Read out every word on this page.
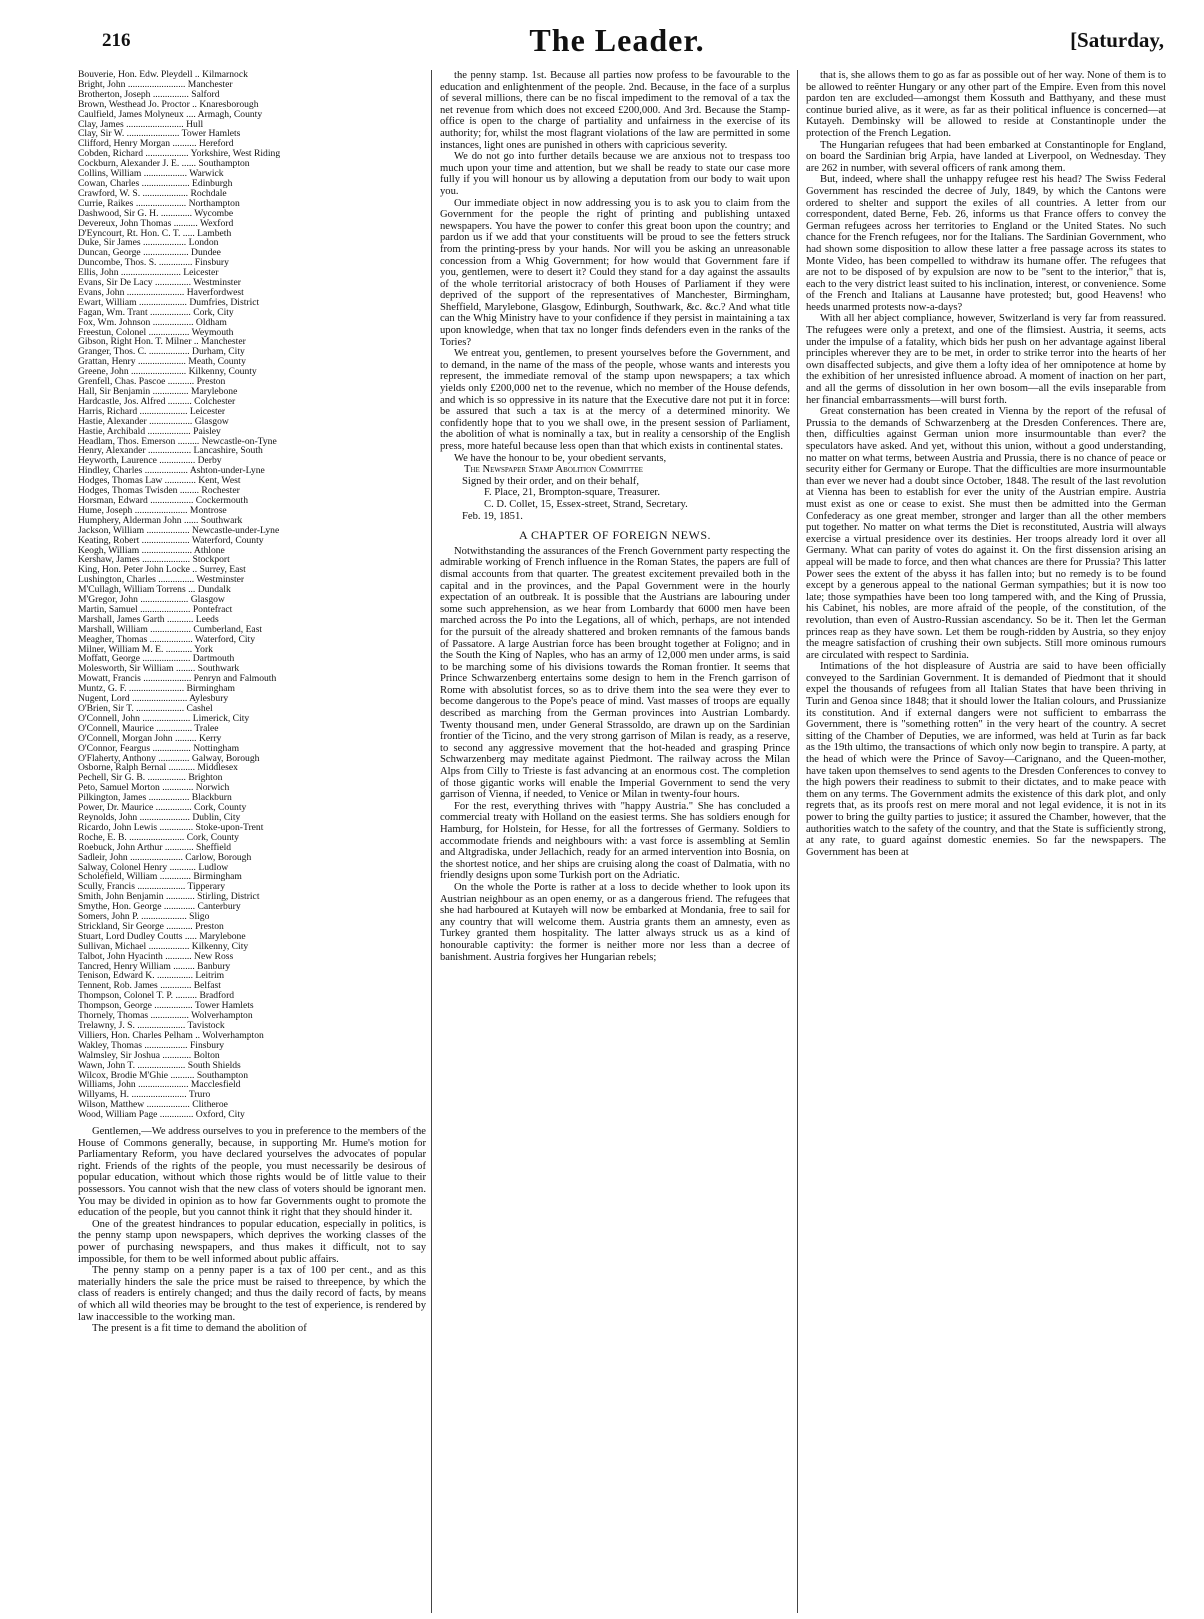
216	The Leader.	[Saturday,
Bouverie, Hon. Edw. Pleydell .. Kilmarnock
Bright, John ........................ Manchester
Brotherton, Joseph ............... Salford
Brown, Westhead Jo. Proctor .. Knaresborough
Caulfield, James Molyneux .... Armagh, County
Clay, James ........................ Hull
Clay, Sir W. ...................... Tower Hamlets
Clifford, Henry Morgan .......... Hereford
Cobden, Richard .................. Yorkshire, West Riding
Cockburn, Alexander J. E. ...... Southampton
Collins, William .................. Warwick
Cowan, Charles .................... Edinburgh
Crawford, W. S. ................... Rochdale
Currie, Raikes ..................... Northampton
Dashwood, Sir G. H. ............. Wycombe
Devereux, John Thomas .......... Wexford
D'Eyncourt, Rt. Hon. C. T. ..... Lambeth
Duke, Sir James .................. London
Duncan, George ................... Dundee
Duncombe, Thos. S. .............. Finsbury
Ellis, John ......................... Leicester
Evans, Sir De Lacy ............... Westminster
Evans, John ........................ Haverfordwest
Ewart, William .................... Dumfries, District
Fagan, Wm. Trant ................. Cork, City
Fox, Wm. Johnson ................. Oldham
Freestun, Colonel ................. Weymouth
Gibson, Right Hon. T. Milner .. Manchester
Granger, Thos. C. ................. Durham, City
Grattan, Henry .................... Meath, County
Greene, John ....................... Kilkenny, County
Grenfell, Chas. Pascoe ........... Preston
Hall, Sir Benjamin ............... Marylebone
Hardcastle, Jos. Alfred .......... Colchester
Harris, Richard .................... Leicester
Hastie, Alexander .................. Glasgow
Hastie, Archibald .................. Paisley
Headlam, Thos. Emerson ......... Newcastle-on-Tyne
Henry, Alexander .................. Lancashire, South
Heyworth, Laurence ............... Derby
Hindley, Charles .................. Ashton-under-Lyne
Hodges, Thomas Law ............. Kent, West
Hodges, Thomas Twisden ........ Rochester
Horsman, Edward .................. Cockermouth
Hume, Joseph ...................... Montrose
Humphery, Alderman John ...... Southwark
Jackson, William .................. Newcastle-under-Lyne
Keating, Robert .................... Waterford, County
Keogh, William ..................... Athlone
Kershaw, James .................... Stockport
King, Hon. Peter John Locke .. Surrey, East
Lushington, Charles ............... Westminster
M'Cullagh, William Torrens ... Dundalk
M'Gregor, John .................... Glasgow
Martin, Samuel ..................... Pontefract
Marshall, James Garth ........... Leeds
Marshall, William ................. Cumberland, East
Meagher, Thomas .................. Waterford, City
Milner, William M. E. ........... York
Moffatt, George .................... Dartmouth
Molesworth, Sir William ........ Southwark
Mowatt, Francis .................... Penryn and Falmouth
Muntz, G. F. ....................... Birmingham
Nugent, Lord ....................... Aylesbury
O'Brien, Sir T. .................... Cashel
O'Connell, John .................... Limerick, City
O'Connell, Maurice ............... Tralee
O'Connell, Morgan John ......... Kerry
O'Connor, Feargus ................ Nottingham
O'Flaherty, Anthony ............. Galway, Borough
Osborne, Ralph Bernal ........... Middlesex
Pechell, Sir G. B. ................ Brighton
Peto, Samuel Morton ............. Norwich
Pilkington, James ................. Blackburn
Power, Dr. Maurice ............... Cork, County
Reynolds, John ..................... Dublin, City
Ricardo, John Lewis .............. Stoke-upon-Trent
Roche, E. B. ....................... Cork, County
Roebuck, John Arthur ............ Sheffield
Sadleir, John ...................... Carlow, Borough
Salway, Colonel Henry ........... Ludlow
Scholefield, William ............. Birmingham
Scully, Francis .................... Tipperary
Smith, John Benjamin ............ Stirling, District
Smythe, Hon. George ............. Canterbury
Somers, John P. ................... Sligo
Strickland, Sir George ........... Preston
Stuart, Lord Dudley Coutts ..... Marylebone
Sullivan, Michael ................. Kilkenny, City
Talbot, John Hyacinth ........... New Ross
Tancred, Henry William ......... Banbury
Tenison, Edward K. ............... Leitrim
Tennent, Rob. James ............. Belfast
Thompson, Colonel T. P. ......... Bradford
Thompson, George ................ Tower Hamlets
Thornely, Thomas ................ Wolverhampton
Trelawny, J. S. .................... Tavistock
Villiers, Hon. Charles Pelham .. Wolverhampton
Wakley, Thomas .................. Finsbury
Walmsley, Sir Joshua ............ Bolton
Wawn, John T. .................... South Shields
Wilcox, Brodie M'Ghie .......... Southampton
Williams, John ..................... Macclesfield
Willyams, H. ....................... Truro
Wilson, Matthew .................. Clitheroe
Wood, William Page .............. Oxford, City

Gentlemen,—We address ourselves to you in preference to the members of the House of Commons generally, because, in supporting Mr. Hume's motion for Parliamentary Reform, you have declared yourselves the advocates of popular right. Friends of the rights of the people, you must necessarily be desirous of popular education, without which those rights would be of little value to their possessors. You cannot wish that the new class of voters should be ignorant men. You may be divided in opinion as to how far Governments ought to promote the education of the people, but you cannot think it right that they should hinder it.

One of the greatest hindrances to popular education, especially in politics, is the penny stamp upon newspapers, which deprives the working classes of the power of purchasing newspapers, and thus makes it difficult, not to say impossible, for them to be well informed about public affairs.

The penny stamp on a penny paper is a tax of 100 per cent., and as this materially hinders the sale the price must be raised to threepence, by which the class of readers is entirely changed; and thus the daily record of facts, by means of which all wild theories may be brought to the test of experience, is rendered by law inaccessible to the working man.

The present is a fit time to demand the abolition of

the penny stamp. 1st. Because all parties now profess to be favourable to the education and enlightenment of the people. 2nd. Because, in the face of a surplus of several millions, there can be no fiscal impediment to the removal of a tax the net revenue from which does not exceed £200,000. And 3rd. Because the Stamp-office is open to the charge of partiality and unfairness in the exercise of its authority; for, whilst the most flagrant violations of the law are permitted in some instances, light ones are punished in others with capricious severity.

We do not go into further details because we are anxious not to trespass too much upon your time and attention, but we shall be ready to state our case more fully if you will honour us by allowing a deputation from our body to wait upon you.

Our immediate object in now addressing you is to ask you to claim from the Government for the people the right of printing and publishing untaxed newspapers. You have the power to confer this great boon upon the country; and pardon us if we add that your constituents will be proud to see the fetters struck from the printing-press by your hands. Nor will you be asking an unreasonable concession from a Whig Government; for how would that Government fare if you, gentlemen, were to desert it? Could they stand for a day against the assaults of the whole territorial aristocracy of both Houses of Parliament if they were deprived of the support of the representatives of Manchester, Birmingham, Sheffield, Marylebone, Glasgow, Edinburgh, Southwark, &c. &c.? And what title can the Whig Ministry have to your confidence if they persist in maintaining a tax upon knowledge, when that tax no longer finds defenders even in the ranks of the Tories?

We entreat you, gentlemen, to present yourselves before the Government, and to demand, in the name of the mass of the people, whose wants and interests you represent, the immediate removal of the stamp upon newspapers; a tax which yields only £200,000 net to the revenue, which no member of the House defends, and which is so oppressive in its nature that the Executive dare not put it in force: be assured that such a tax is at the mercy of a determined minority. We confidently hope that to you we shall owe, in the present session of Parliament, the abolition of what is nominally a tax, but in reality a censorship of the English press, more hateful because less open than that which exists in continental states.

We have the honour to be, your obedient servants,

The Newspaper Stamp Abolition Committee

Signed by their order, and on their behalf,

F. Place, 21, Brompton-square, Treasurer.

C. D. Collet, 15, Essex-street, Strand, Secretary.

Feb. 19, 1851.

A CHAPTER OF FOREIGN NEWS.

Notwithstanding the assurances of the French Government party respecting the admirable working of French influence in the Roman States, the papers are full of dismal accounts from that quarter. The greatest excitement prevailed both in the capital and in the provinces, and the Papal Government were in the hourly expectation of an outbreak. It is possible that the Austrians are labouring under some such apprehension, as we hear from Lombardy that 6000 men have been marched across the Po into the Legations, all of which, perhaps, are not intended for the pursuit of the already shattered and broken remnants of the famous bands of Passatore. A large Austrian force has been brought together at Foligno; and in the South the King of Naples, who has an army of 12,000 men under arms, is said to be marching some of his divisions towards the Roman frontier. It seems that Prince Schwarzenberg entertains some design to hem in the French garrison of Rome with absolutist forces, so as to drive them into the sea were they ever to become dangerous to the Pope's peace of mind. Vast masses of troops are equally described as marching from the German provinces into Austrian Lombardy. Twenty thousand men, under General Strassoldo, are drawn up on the Sardinian frontier of the Ticino, and the very strong garrison of Milan is ready, as a reserve, to second any aggressive movement that the hot-headed and grasping Prince Schwarzenberg may meditate against Piedmont. The railway across the Milan Alps from Cilly to Trieste is fast advancing at an enormous cost. The completion of those gigantic works will enable the Imperial Government to send the very garrison of Vienna, if needed, to Venice or Milan in twenty-four hours.

For the rest, everything thrives with "happy Austria." She has concluded a commercial treaty with Holland on the easiest terms. She has soldiers enough for Hamburg, for Holstein, for Hesse, for all the fortresses of Germany. Soldiers to accommodate friends and neighbours with: a vast force is assembling at Semlin and Altgradiska, under Jellachich, ready for an armed intervention into Bosnia, on the shortest notice, and her ships are cruising along the coast of Dalmatia, with no friendly designs upon some Turkish port on the Adriatic.

On the whole the Porte is rather at a loss to decide whether to look upon its Austrian neighbour as an open enemy, or as a dangerous friend. The refugees that she had harboured at Kutayeh will now be embarked at Mondania, free to sail for any country that will welcome them. Austria grants them an amnesty, even as Turkey granted them hospitality. The latter always struck us as a kind of honourable captivity: the former is neither more nor less than a decree of banishment. Austria forgives her Hungarian rebels;

that is, she allows them to go as far as possible out of her way. None of them is to be allowed to reënter Hungary or any other part of the Empire. Even from this novel pardon ten are excluded—amongst them Kossuth and Batthyany, and these must continue buried alive, as it were, as far as their political influence is concerned—at Kutayeh. Dembinsky will be allowed to reside at Constantinople under the protection of the French Legation.

The Hungarian refugees that had been embarked at Constantinople for England, on board the Sardinian brig Arpia, have landed at Liverpool, on Wednesday. They are 262 in number, with several officers of rank among them.

But, indeed, where shall the unhappy refugee rest his head? The Swiss Federal Government has rescinded the decree of July, 1849, by which the Cantons were ordered to shelter and support the exiles of all countries. A letter from our correspondent, dated Berne, Feb. 26, informs us that France offers to convey the German refugees across her territories to England or the United States. No such chance for the French refugees, nor for the Italians. The Sardinian Government, who had shown some disposition to allow these latter a free passage across its states to Monte Video, has been compelled to withdraw its humane offer. The refugees that are not to be disposed of by expulsion are now to be "sent to the interior," that is, each to the very district least suited to his inclination, interest, or convenience. Some of the French and Italians at Lausanne have protested; but, good Heavens! who heeds unarmed protests now-a-days?

With all her abject compliance, however, Switzerland is very far from reassured. The refugees were only a pretext, and one of the flimsiest. Austria, it seems, acts under the impulse of a fatality, which bids her push on her advantage against liberal principles wherever they are to be met, in order to strike terror into the hearts of her own disaffected subjects, and give them a lofty idea of her omnipotence at home by the exhibition of her unresisted influence abroad. A moment of inaction on her part, and all the germs of dissolution in her own bosom—all the evils inseparable from her financial embarrassments—will burst forth.

Great consternation has been created in Vienna by the report of the refusal of Prussia to the demands of Schwarzenberg at the Dresden Conferences. There are, then, difficulties against German union more insurmountable than ever? the speculators have asked. And yet, without this union, without a good understanding, no matter on what terms, between Austria and Prussia, there is no chance of peace or security either for Germany or Europe. That the difficulties are more insurmountable than ever we never had a doubt since October, 1848. The result of the last revolution at Vienna has been to establish for ever the unity of the Austrian empire. Austria must exist as one or cease to exist. She must then be admitted into the German Confederacy as one great member, stronger and larger than all the other members put together. No matter on what terms the Diet is reconstituted, Austria will always exercise a virtual presidence over its destinies. Her troops already lord it over all Germany. What can parity of votes do against it. On the first dissension arising an appeal will be made to force, and then what chances are there for Prussia? This latter Power sees the extent of the abyss it has fallen into; but no remedy is to be found except by a generous appeal to the national German sympathies; but it is now too late; those sympathies have been too long tampered with, and the King of Prussia, his Cabinet, his nobles, are more afraid of the people, of the constitution, of the revolution, than even of Austro-Russian ascendancy. So be it. Then let the German princes reap as they have sown. Let them be rough-ridden by Austria, so they enjoy the meagre satisfaction of crushing their own subjects. Still more ominous rumours are circulated with respect to Sardinia.

Intimations of the hot displeasure of Austria are said to have been officially conveyed to the Sardinian Government. It is demanded of Piedmont that it should expel the thousands of refugees from all Italian States that have been thriving in Turin and Genoa since 1848; that it should lower the Italian colours, and Prussianize its constitution. And if external dangers were not sufficient to embarrass the Government, there is "something rotten" in the very heart of the country. A secret sitting of the Chamber of Deputies, we are informed, was held at Turin as far back as the 19th ultimo, the transactions of which only now begin to transpire. A party, at the head of which were the Prince of Savoy—Carignano, and the Queen-mother, have taken upon themselves to send agents to the Dresden Conferences to convey to the high powers their readiness to submit to their dictates, and to make peace with them on any terms. The Government admits the existence of this dark plot, and only regrets that, as its proofs rest on mere moral and not legal evidence, it is not in its power to bring the guilty parties to justice; it assured the Chamber, however, that the authorities watch to the safety of the country, and that the State is sufficiently strong, at any rate, to guard against domestic enemies. So far the newspapers. The Government has been at
